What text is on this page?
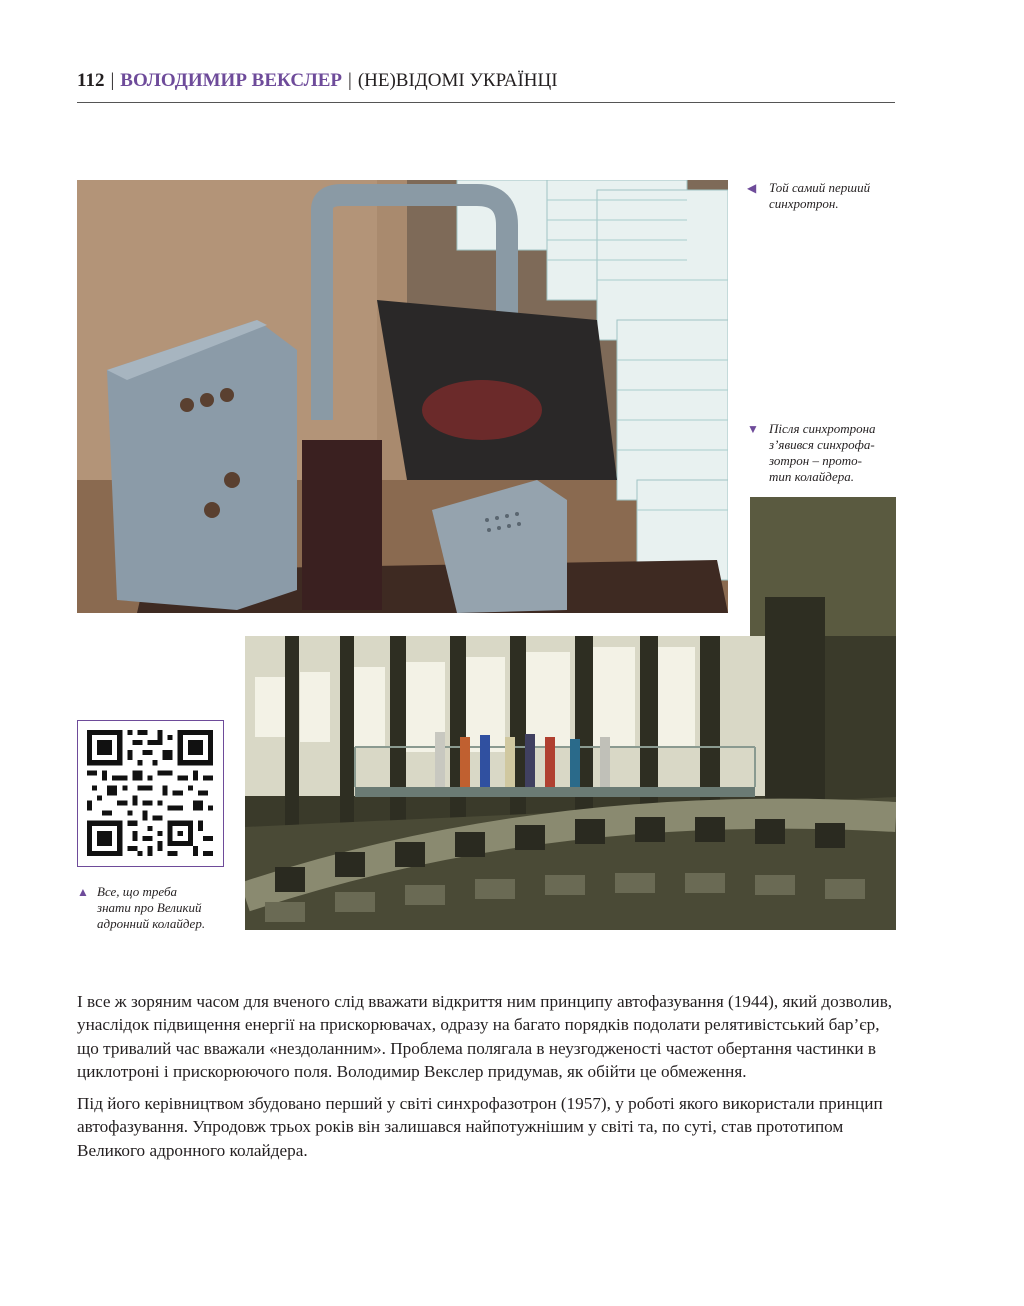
112 | ВОЛОДИМИР ВЕКСЛЕР | (НЕ)ВІДОМІ УКРАЇНЦІ
◀ Той самий перший
синхротрон.
▼ Після синхротрона
з’явився синхрофа-
зотрон – прото-
тип колайдера.
▲ Все, що треба
знати про Великий
адронний колайдер.

І все ж зоряним часом для вченого слід вважати відкриття ним принципу автофазування (1944), який дозволив, унаслідок підвищення енергії на прискорювачах, одразу на багато порядків подолати релятивістський бар’єр, що тривалий час вважали «нездоланним». Проблема полягала в неузгодженості частот обертання частинки в циклотроні і прискорюючого поля. Володимир Векслер придумав, як обійти це обмеження.

Під його керівництвом збудовано перший у світі синхрофазотрон (1957), у роботі якого використали принцип автофазування. Упродовж трьох років він залишався найпотужнішим у світі та, по суті, став прототипом Великого адронного колайдера.
